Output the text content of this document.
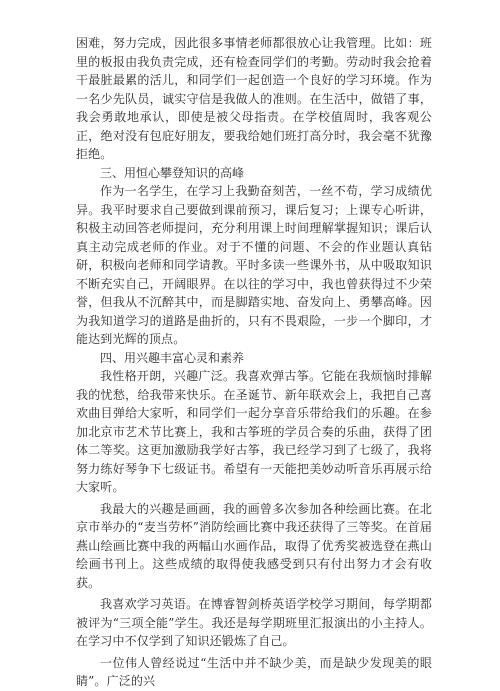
困难，努力完成，因此很多事情老师都很放心让我管理。比如：班里的板报由我负责完成，还有检查同学们的考勤。劳动时我会抢着干最脏最累的活儿，和同学们一起创造一个良好的学习环境。作为一名少先队员，诚实守信是我做人的准则。在生活中，做错了事，我会勇敢地承认，即使是被父母指责。在学校值周时，我客观公正，绝对没有包庇好朋友，要我给她们班打高分时，我会毫不犹豫拒绝。

三、用恒心攀登知识的高峰

作为一名学生，在学习上我勤奋刻苦，一丝不苟，学习成绩优异。我平时要求自己要做到课前预习，课后复习；上课专心听讲，积极主动回答老师提问，充分利用课上时间理解掌握知识；课后认真主动完成老师的作业。对于不懂的问题、不会的作业题认真钻研，积极向老师和同学请教。平时多读一些课外书，从中吸取知识不断充实自己，开阔眼界。在以往的学习中，我也曾获得过不少荣誉，但我从不沉醉其中，而是脚踏实地、奋发向上、勇攀高峰。因为我知道学习的道路是曲折的，只有不畏艰险，一步一个脚印，才能达到光辉的顶点。

四、用兴趣丰富心灵和素养

我性格开朗，兴趣广泛。我喜欢弹古筝。它能在我烦恼时排解我的忧愁，给我带来快乐。在圣诞节、新年联欢会上，我把自己喜欢曲目弹给大家听，和同学们一起分享音乐带给我们的乐趣。在参加北京市艺术节比赛上，我和古筝班的学员合奏的乐曲，获得了团体二等奖。这更加激励我学好古筝，我已经学习到了七级了，我将努力练好琴争下七级证书。希望有一天能把美妙动听音乐再展示给大家听。

我最大的兴趣是画画，我的画曾多次参加各种绘画比赛。在北京市举办的“麦当劳杯”消防绘画比赛中我还获得了三等奖。在首届燕山绘画比赛中我的两幅山水画作品，取得了优秀奖被选登在燕山绘画书刊上。这些成绩的取得使我感受到只有付出努力才会有收获。

我喜欢学习英语。在博睿智剑桥英语学校学习期间，每学期都被评为“三项全能”学生。我还是每学期班里汇报演出的小主持人。在学习中不仅学到了知识还锻炼了自己。

一位伟人曾经说过“生活中并不缺少美，而是缺少发现美的眼睛”。广泛的兴
